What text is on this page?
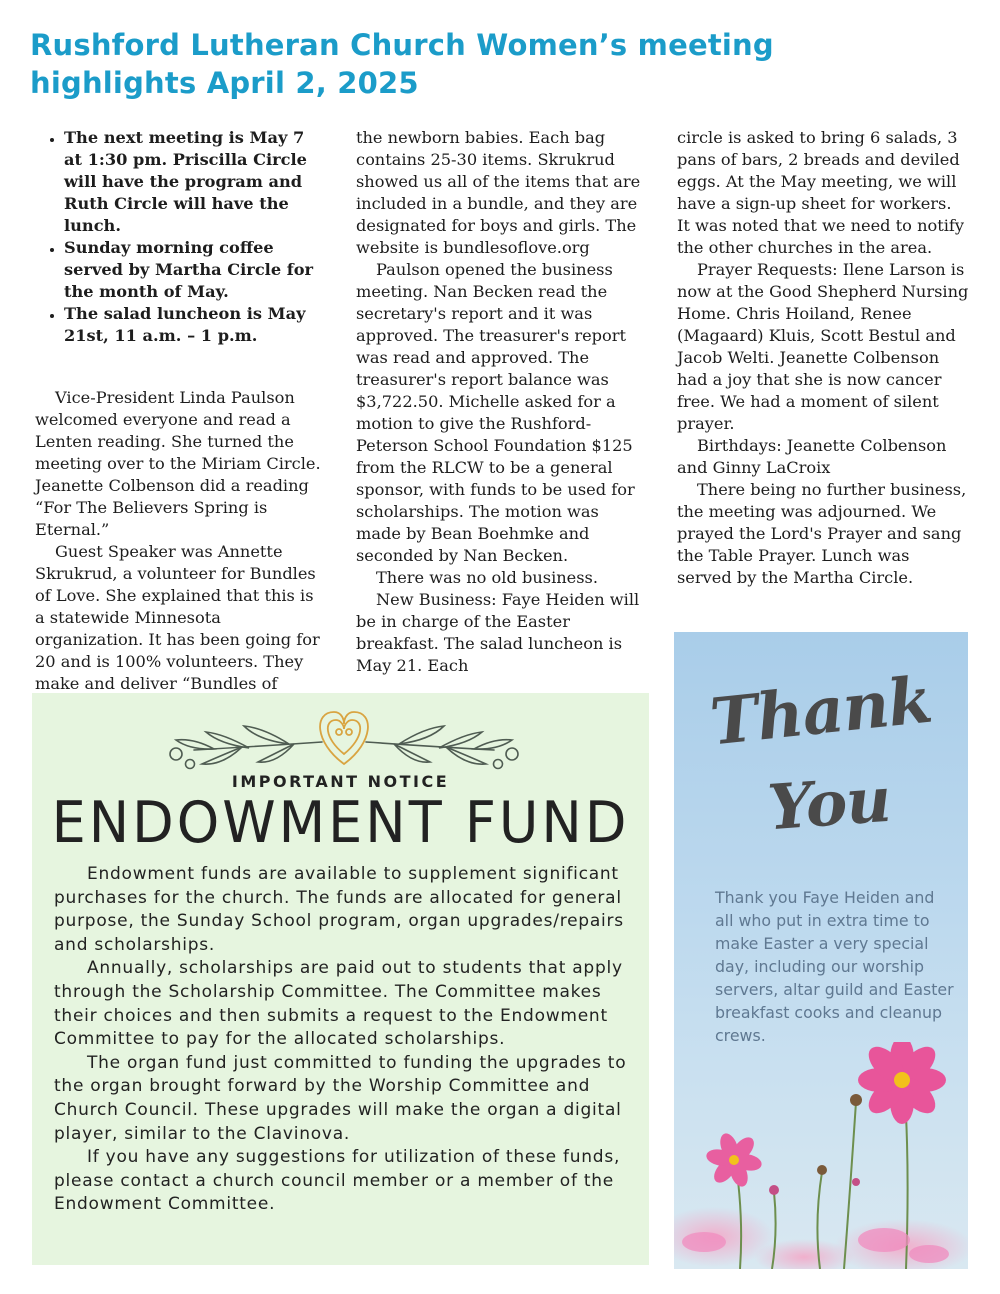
Rushford Lutheran Church Women’s meeting highlights April 2, 2025
• The next meeting is May 7 at 1:30 pm. Priscilla Circle will have the program and Ruth Circle will have the lunch.
• Sunday morning coffee served by Martha Circle for the month of May.
• The salad luncheon is May 21st, 11 a.m. – 1 p.m.

Vice-President Linda Paulson welcomed everyone and read a Lenten reading. She turned the meeting over to the Miriam Circle. Jeanette Colbenson did a reading “For The Believers Spring is Eternal.”

Guest Speaker was Annette Skrukrud, a volunteer for Bundles of Love. She explained that this is a statewide Minnesota organization. It has been going for 20 and is 100% volunteers. They make and deliver “Bundles of

the newborn babies. Each bag contains 25-30 items. Skrukrud showed us all of the items that are included in a bundle, and they are designated for boys and girls. The website is bundlesoflove.org

Paulson opened the business meeting. Nan Becken read the secretary's report and it was approved. The treasurer's report was read and approved. The treasurer's report balance was $3,722.50. Michelle asked for a motion to give the Rushford-Peterson School Foundation $125 from the RLCW to be a general sponsor, with funds to be used for scholarships. The motion was made by Bean Boehmke and seconded by Nan Becken.

There was no old business.

New Business: Faye Heiden will be in charge of the Easter breakfast. The salad luncheon is May 21. Each

circle is asked to bring 6 salads, 3 pans of bars, 2 breads and deviled eggs. At the May meeting, we will have a sign-up sheet for workers. It was noted that we need to notify the other churches in the area.

Prayer Requests: Ilene Larson is now at the Good Shepherd Nursing Home. Chris Hoiland, Renee (Magaard) Kluis, Scott Bestul and Jacob Welti. Jeanette Colbenson had a joy that she is now cancer free. We had a moment of silent prayer.

Birthdays: Jeanette Colbenson and Ginny LaCroix

There being no further business, the meeting was adjourned. We prayed the Lord's Prayer and sang the Table Prayer. Lunch was served by the Martha Circle.

IMPORTANT NOTICE
ENDOWMENT FUND

Endowment funds are available to supplement significant purchases for the church. The funds are allocated for general purpose, the Sunday School program, organ upgrades/repairs and scholarships.

Annually, scholarships are paid out to students that apply through the Scholarship Committee. The Committee makes their choices and then submits a request to the Endowment Committee to pay for the allocated scholarships.

The organ fund just committed to funding the upgrades to the organ brought forward by the Worship Committee and Church Council. These upgrades will make the organ a digital player, similar to the Clavinova.

If you have any suggestions for utilization of these funds, please contact a church council member or a member of the Endowment Committee.

Thank
You
Thank you Faye Heiden and all who put in extra time to make Easter a very special day, including our worship servers, altar guild and Easter breakfast cooks and cleanup crews.
